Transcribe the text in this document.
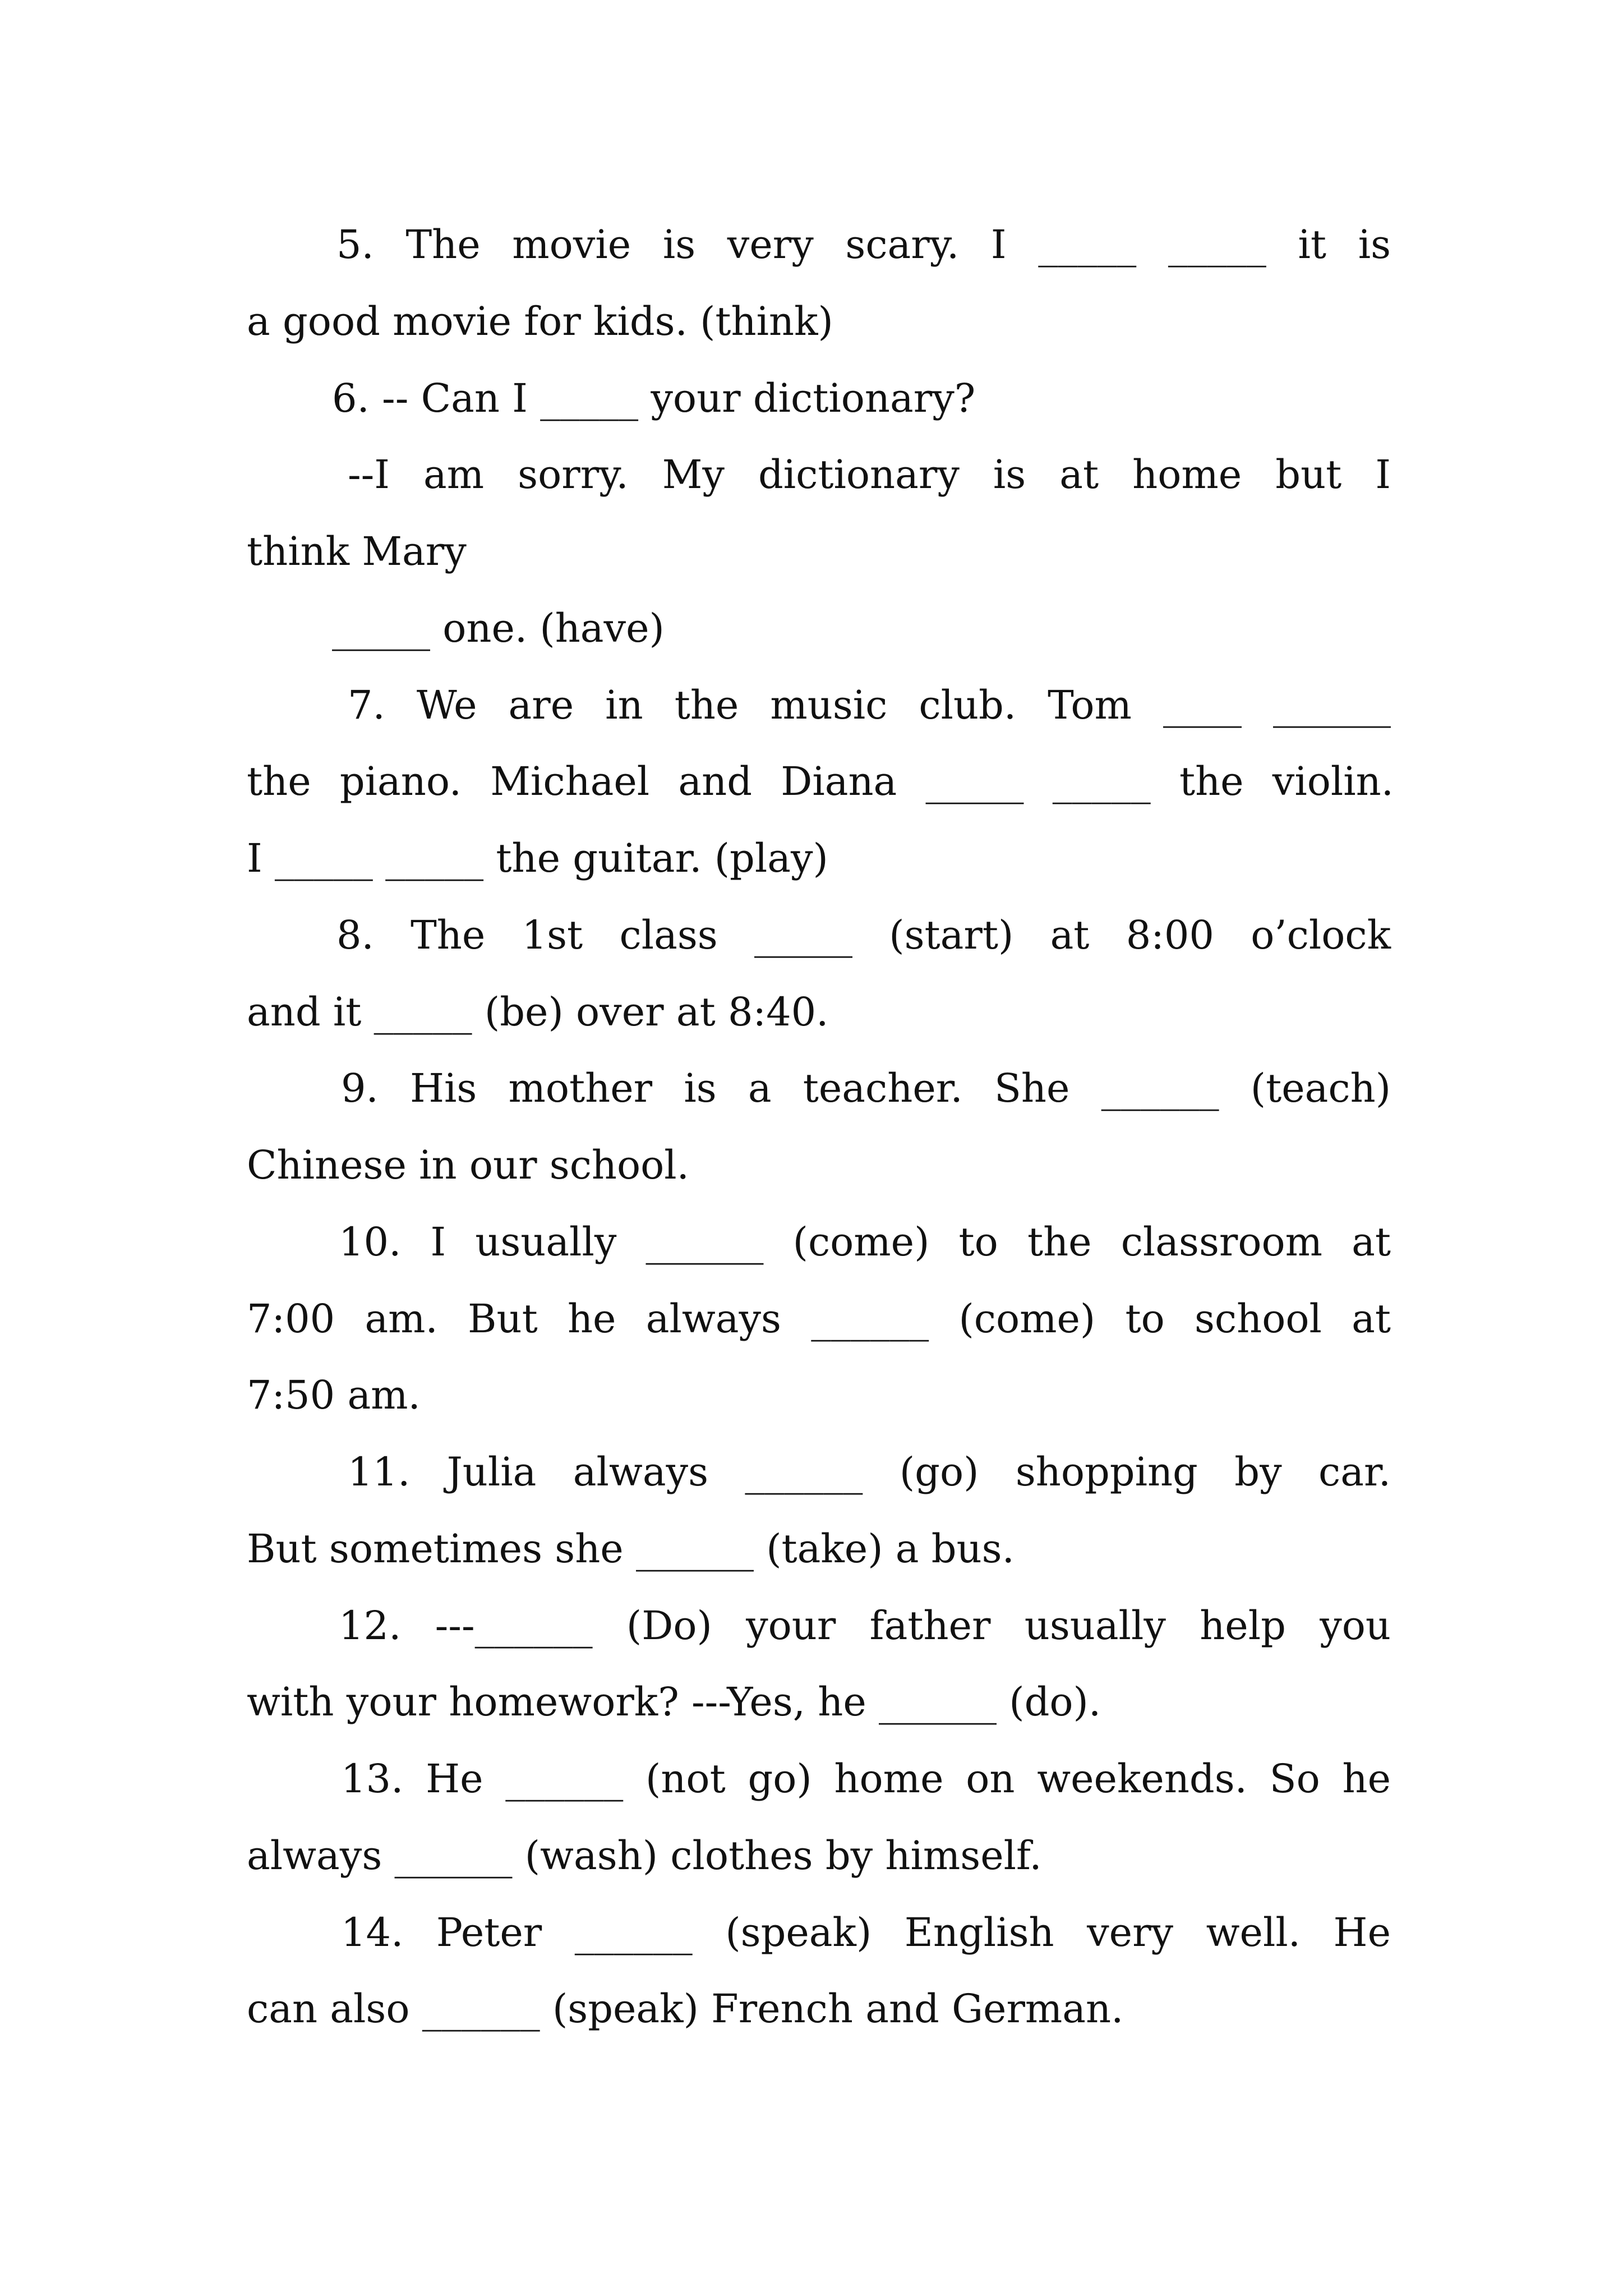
5. The movie is very scary. I _____ _____ it is
a good movie for kids. (think)
6. -- Can I _____ your dictionary?
--I am sorry. My dictionary is at home but I
think Mary
_____ one. (have)
7. We are in the music club. Tom ____ ______
the piano. Michael and Diana _____ _____ the violin.
I _____ _____ the guitar. (play)
8. The 1st class _____ (start) at 8:00 o’clock
and it _____ (be) over at 8:40.
9. His mother is a teacher. She ______ (teach)
Chinese in our school.
10. I usually ______ (come) to the classroom at
7:00 am. But he always ______ (come) to school at
7:50 am.
11. Julia always ______ (go) shopping by car.
But sometimes she ______ (take) a bus.
12. ---______ (Do) your father usually help you
with your homework? ---Yes, he ______ (do).
13. He ______ (not go) home on weekends. So he
always ______ (wash) clothes by himself.
14. Peter ______ (speak) English very well. He
can also ______ (speak) French and German.
